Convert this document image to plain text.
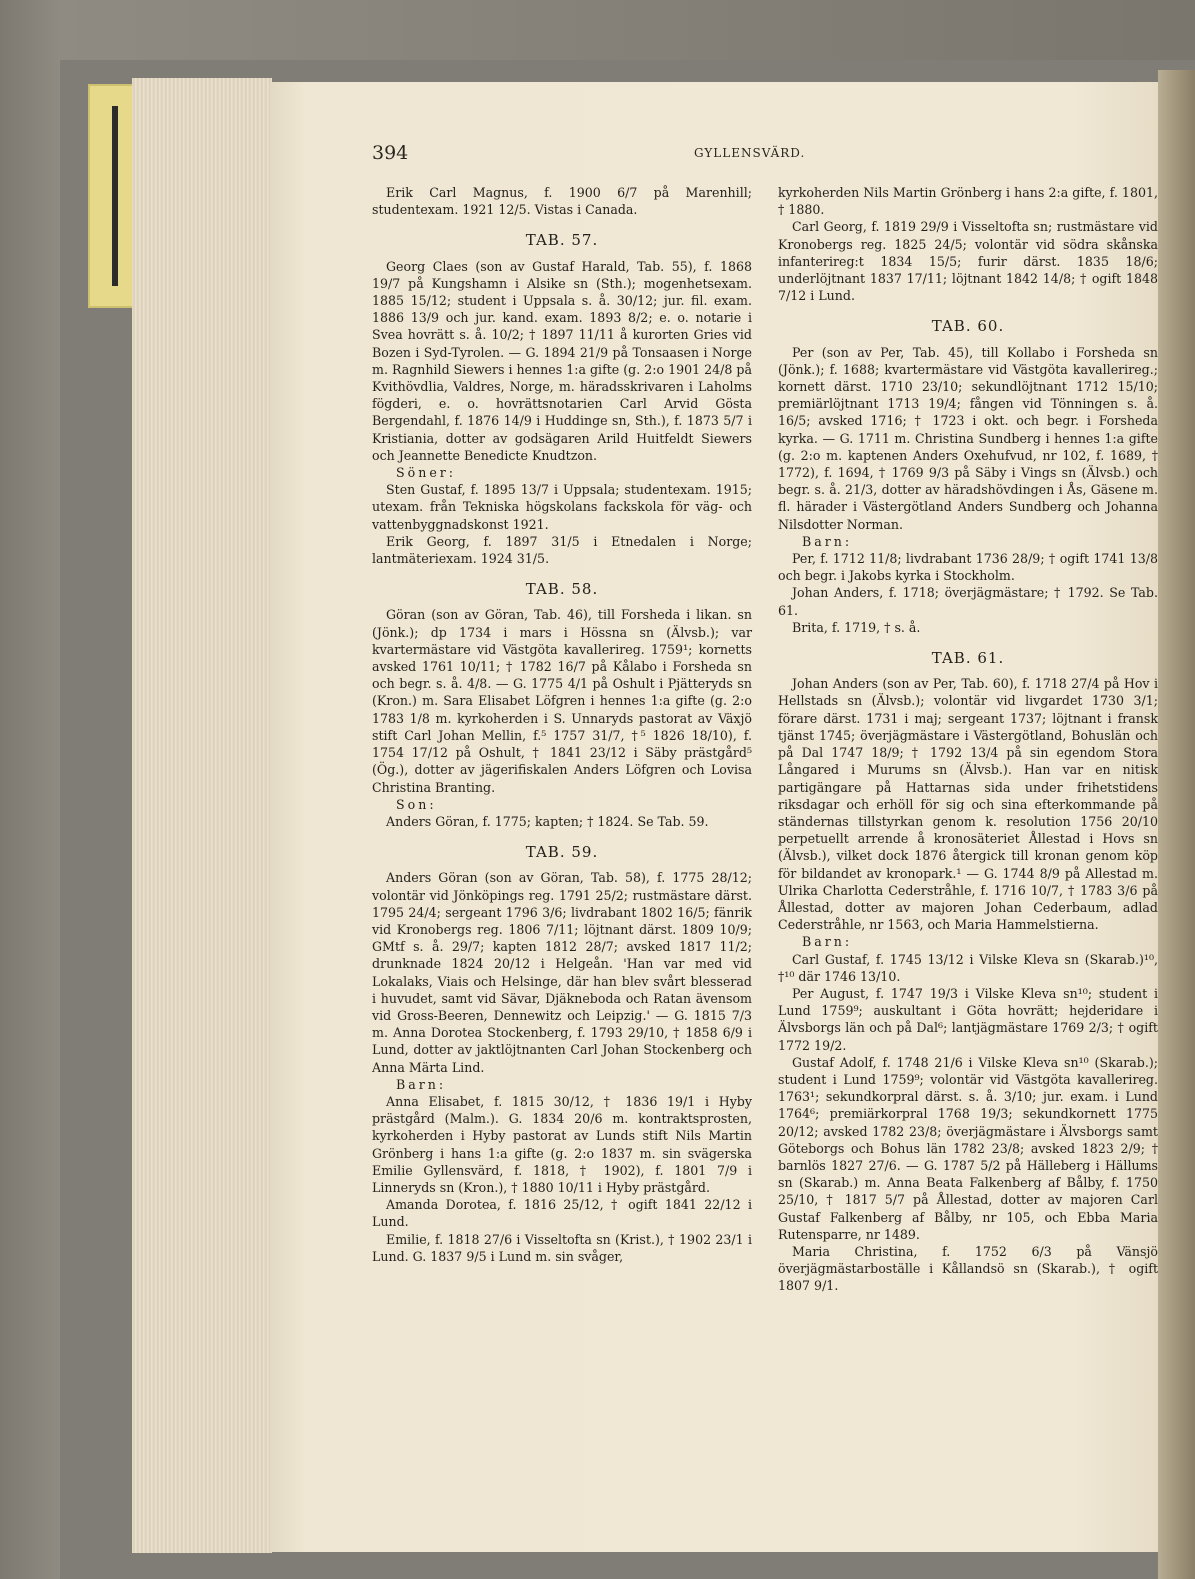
394	GYLLENSVÄRD.

Erik Carl Magnus, f. 1900 6/7 på Marenhill; studentexam. 1921 12/5. Vistas i Canada.

TAB. 57.

Georg Claes (son av Gustaf Harald, Tab. 55), f. 1868 19/7 på Kungshamn i Alsike sn (Sth.); mogenhetsexam. 1885 15/12; student i Uppsala s. å. 30/12; jur. fil. exam. 1886 13/9 och jur. kand. exam. 1893 8/2; e. o. notarie i Svea hovrätt s. å. 10/2; † 1897 11/11 å kurorten Gries vid Bozen i Syd-Tyrolen. — G. 1894 21/9 på Tonsaasen i Norge m. Ragnhild Siewers i hennes 1:a gifte (g. 2:o 1901 24/8 på Kvithövdlia, Valdres, Norge, m. häradsskrivaren i Laholms fögderi, e. o. hovrättsnotarien Carl Arvid Gösta Bergendahl, f. 1876 14/9 i Huddinge sn, Sth.), f. 1873 5/7 i Kristiania, dotter av godsägaren Arild Huitfeldt Siewers och Jeannette Benedicte Knudtzon.

Söner:

Sten Gustaf, f. 1895 13/7 i Uppsala; studentexam. 1915; utexam. från Tekniska högskolans fackskola för väg- och vattenbyggnadskonst 1921.

Erik Georg, f. 1897 31/5 i Etnedalen i Norge; lantmäteriexam. 1924 31/5.

TAB. 58.

Göran (son av Göran, Tab. 46), till Forsheda i likan. sn (Jönk.); dp 1734 i mars i Hössna sn (Älvsb.); var kvartermästare vid Västgöta kavallerireg. 1759¹; kornetts avsked 1761 10/11; † 1782 16/7 på Kålabo i Forsheda sn och begr. s. å. 4/8. — G. 1775 4/1 på Oshult i Pjätteryds sn (Kron.) m. Sara Elisabet Löfgren i hennes 1:a gifte (g. 2:o 1783 1/8 m. kyrkoherden i S. Unnaryds pastorat av Växjö stift Carl Johan Mellin, f.⁵ 1757 31/7, †⁵ 1826 18/10), f. 1754 17/12 på Oshult, † 1841 23/12 i Säby prästgård⁵ (Ög.), dotter av jägerifiskalen Anders Löfgren och Lovisa Christina Branting.

Son:

Anders Göran, f. 1775; kapten; † 1824. Se Tab. 59.

TAB. 59.

Anders Göran (son av Göran, Tab. 58), f. 1775 28/12; volontär vid Jönköpings reg. 1791 25/2; rustmästare därst. 1795 24/4; sergeant 1796 3/6; livdrabant 1802 16/5; fänrik vid Kronobergs reg. 1806 7/11; löjtnant därst. 1809 10/9; GMtf s. å. 29/7; kapten 1812 28/7; avsked 1817 11/2; drunknade 1824 20/12 i Helgeån. 'Han var med vid Lokalaks, Viais och Helsinge, där han blev svårt blesserad i huvudet, samt vid Sävar, Djäkneboda och Ratan ävensom vid Gross-Beeren, Dennewitz och Leipzig.' — G. 1815 7/3 m. Anna Dorotea Stockenberg, f. 1793 29/10, † 1858 6/9 i Lund, dotter av jaktlöjtnanten Carl Johan Stockenberg och Anna Märta Lind.

Barn:

Anna Elisabet, f. 1815 30/12, † 1836 19/1 i Hyby prästgård (Malm.). G. 1834 20/6 m. kontraktsprosten, kyrkoherden i Hyby pastorat av Lunds stift Nils Martin Grönberg i hans 1:a gifte (g. 2:o 1837 m. sin svägerska Emilie Gyllensvärd, f. 1818, † 1902), f. 1801 7/9 i Linneryds sn (Kron.), † 1880 10/11 i Hyby prästgård.

Amanda Dorotea, f. 1816 25/12, † ogift 1841 22/12 i Lund.

Emilie, f. 1818 27/6 i Visseltofta sn (Krist.), † 1902 23/1 i Lund. G. 1837 9/5 i Lund m. sin svåger,

kyrkoherden Nils Martin Grönberg i hans 2:a gifte, f. 1801, † 1880.

Carl Georg, f. 1819 29/9 i Visseltofta sn; rustmästare vid Kronobergs reg. 1825 24/5; volontär vid södra skånska infanterireg:t 1834 15/5; furir därst. 1835 18/6; underlöjtnant 1837 17/11; löjtnant 1842 14/8; † ogift 1848 7/12 i Lund.

TAB. 60.

Per (son av Per, Tab. 45), till Kollabo i Forsheda sn (Jönk.); f. 1688; kvartermästare vid Västgöta kavallerireg.; kornett därst. 1710 23/10; sekundlöjtnant 1712 15/10; premiärlöjtnant 1713 19/4; fången vid Tönningen s. å. 16/5; avsked 1716; † 1723 i okt. och begr. i Forsheda kyrka. — G. 1711 m. Christina Sundberg i hennes 1:a gifte (g. 2:o m. kaptenen Anders Oxehufvud, nr 102, f. 1689, † 1772), f. 1694, † 1769 9/3 på Säby i Vings sn (Älvsb.) och begr. s. å. 21/3, dotter av häradshövdingen i Ås, Gäsene m. fl. härader i Västergötland Anders Sundberg och Johanna Nilsdotter Norman.

Barn:

Per, f. 1712 11/8; livdrabant 1736 28/9; † ogift 1741 13/8 och begr. i Jakobs kyrka i Stockholm.

Johan Anders, f. 1718; överjägmästare; † 1792. Se Tab. 61.

Brita, f. 1719, † s. å.

TAB. 61.

Johan Anders (son av Per, Tab. 60), f. 1718 27/4 på Hov i Hellstads sn (Älvsb.); volontär vid livgardet 1730 3/1; förare därst. 1731 i maj; sergeant 1737; löjtnant i fransk tjänst 1745; överjägmästare i Västergötland, Bohuslän och på Dal 1747 18/9; † 1792 13/4 på sin egendom Stora Långared i Murums sn (Älvsb.). Han var en nitisk partigängare på Hattarnas sida under frihetstidens riksdagar och erhöll för sig och sina efterkommande på ständernas tillstyrkan genom k. resolution 1756 20/10 perpetuellt arrende å kronosäteriet Ållestad i Hovs sn (Älvsb.), vilket dock 1876 återgick till kronan genom köp för bildandet av kronopark.¹ — G. 1744 8/9 på Allestad m. Ulrika Charlotta Cederstråhle, f. 1716 10/7, † 1783 3/6 på Ållestad, dotter av majoren Johan Cederbaum, adlad Cederstråhle, nr 1563, och Maria Hammelstierna.

Barn:

Carl Gustaf, f. 1745 13/12 i Vilske Kleva sn (Skarab.)¹⁰, †¹⁰ där 1746 13/10.

Per August, f. 1747 19/3 i Vilske Kleva sn¹⁰; student i Lund 1759⁹; auskultant i Göta hovrätt; hejderidare i Älvsborgs län och på Dal⁶; lantjägmästare 1769 2/3; † ogift 1772 19/2.

Gustaf Adolf, f. 1748 21/6 i Vilske Kleva sn¹⁰ (Skarab.); student i Lund 1759⁹; volontär vid Västgöta kavallerireg. 1763¹; sekundkorpral därst. s. å. 3/10; jur. exam. i Lund 1764⁶; premiärkorpral 1768 19/3; sekundkornett 1775 20/12; avsked 1782 23/8; överjägmästare i Älvsborgs samt Göteborgs och Bohus län 1782 23/8; avsked 1823 2/9; † barnlös 1827 27/6. — G. 1787 5/2 på Hälleberg i Hällums sn (Skarab.) m. Anna Beata Falkenberg af Bålby, f. 1750 25/10, † 1817 5/7 på Ållestad, dotter av majoren Carl Gustaf Falkenberg af Bålby, nr 105, och Ebba Maria Rutensparre, nr 1489.

Maria Christina, f. 1752 6/3 på Vänsjö överjägmästarboställe i Kållandsö sn (Skarab.), † ogift 1807 9/1.
